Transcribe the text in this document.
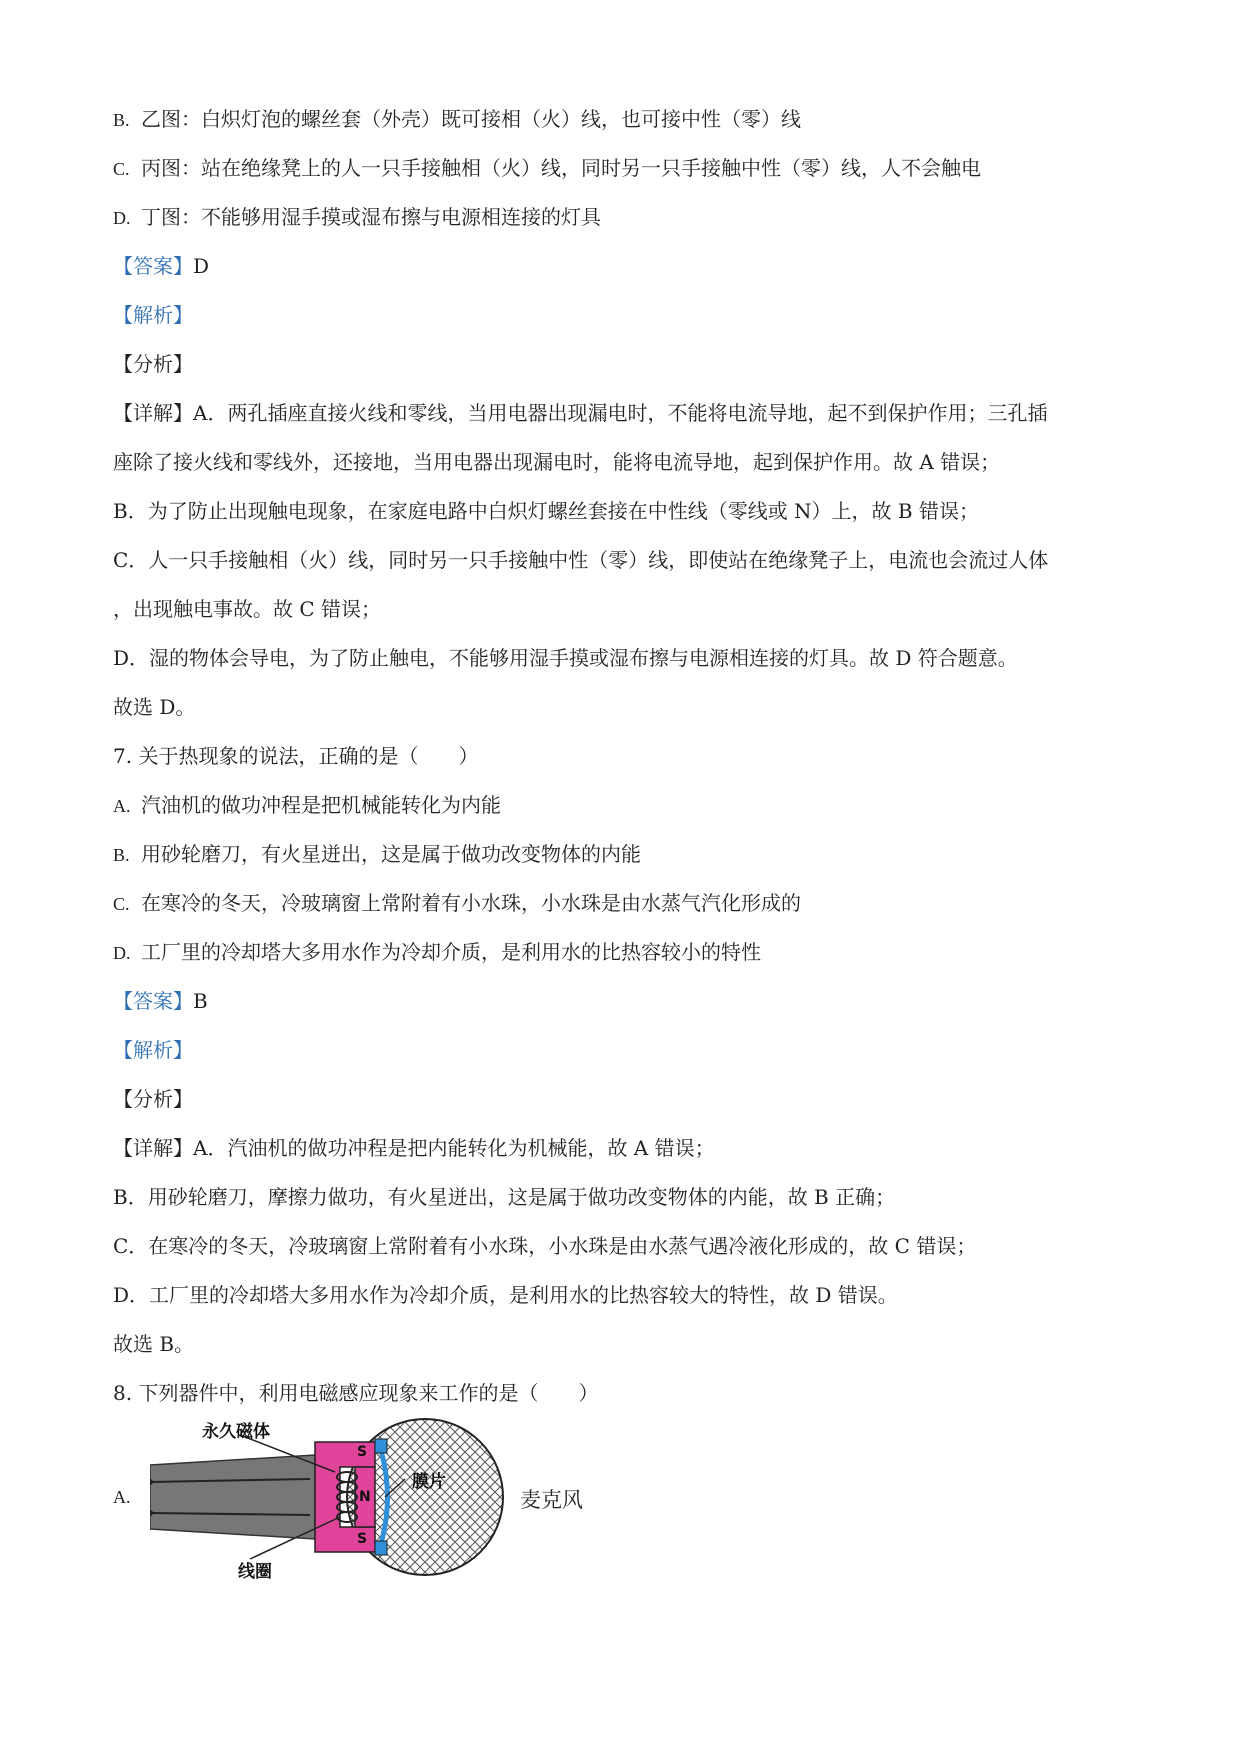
B. 乙图：白炽灯泡的螺丝套（外壳）既可接相（火）线，也可接中性（零）线
C. 丙图：站在绝缘凳上的人一只手接触相（火）线，同时另一只手接触中性（零）线，人不会触电
D. 丁图：不能够用湿手摸或湿布擦与电源相连接的灯具
【答案】D
【解析】
【分析】
【详解】A．两孔插座直接火线和零线，当用电器出现漏电时，不能将电流导地，起不到保护作用；三孔插
座除了接火线和零线外，还接地，当用电器出现漏电时，能将电流导地，起到保护作用。故 A 错误；
B．为了防止出现触电现象，在家庭电路中白炽灯螺丝套接在中性线（零线或 N）上，故 B 错误；
C．人一只手接触相（火）线，同时另一只手接触中性（零）线，即使站在绝缘凳子上，电流也会流过人体
，出现触电事故。故 C 错误；
D．湿的物体会导电，为了防止触电，不能够用湿手摸或湿布擦与电源相连接的灯具。故 D 符合题意。
故选 D。
7. 关于热现象的说法，正确的是（　　）
A. 汽油机的做功冲程是把机械能转化为内能
B. 用砂轮磨刀，有火星迸出，这是属于做功改变物体的内能
C. 在寒冷的冬天，冷玻璃窗上常附着有小水珠，小水珠是由水蒸气汽化形成的
D. 工厂里的冷却塔大多用水作为冷却介质，是利用水的比热容较小的特性
【答案】B
【解析】
【分析】
【详解】A．汽油机的做功冲程是把内能转化为机械能，故 A 错误；
B．用砂轮磨刀，摩擦力做功，有火星迸出，这是属于做功改变物体的内能，故 B 正确；
C．在寒冷的冬天，冷玻璃窗上常附着有小水珠，小水珠是由水蒸气遇冷液化形成的，故 C 错误；
D．工厂里的冷却塔大多用水作为冷却介质，是利用水的比热容较大的特性，故 D 错误。
故选 B。
8. 下列器件中，利用电磁感应现象来工作的是（　　）
A.
永久磁体
膜片
线圈
S
N
S
麦克风
